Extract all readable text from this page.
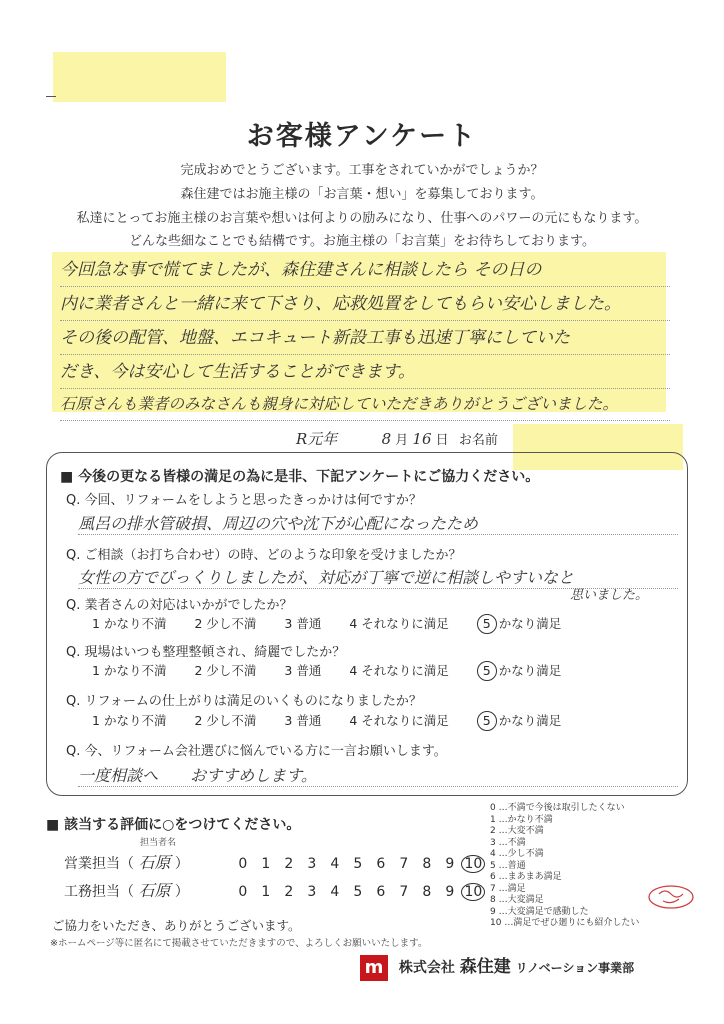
お客様アンケート
完成おめでとうございます。工事をされていかがでしょうか？
森住建ではお施主様の「お言葉・想い」を募集しております。
私達にとってお施主様のお言葉や想いは何よりの励みになり、仕事へのパワーの元にもなります。
どんな些細なことでも結構です。お施主様の「お言葉」をお待ちしております。
今回急な事で慌てましたが、森住建さんに相談したら その日の
内に業者さんと一緒に来て下さり、応救処置をしてもらい安心しました。
その後の配管、地盤、エコキュート新設工事も迅速丁寧にしていた
だき、今は安心して生活することができます。
石原さんも業者のみなさんも親身に対応していただきありがとうございました。
R元年	8 月 16 日 お名前
■ 今後の更なる皆様の満足の為に是非、下記アンケートにご協力ください。
Q. 今回、リフォームをしようと思ったきっかけは何ですか？
風呂の排水管破損、周辺の穴や沈下が心配になったため
Q. ご相談（お打ち合わせ）の時、どのような印象を受けましたか？
女性の方でびっくりしましたが、対応が丁寧で逆に相談しやすいなと
思いました。
Q. 業者さんの対応はいかがでしたか？
1 かなり不満 2 少し不満 3 普通 4 それなりに満足	5 かなり満足
Q. 現場はいつも整理整頓され、綺麗でしたか？
1 かなり不満 2 少し不満 3 普通 4 それなりに満足	5 かなり満足
Q. リフォームの仕上がりは満足のいくものになりましたか？
1 かなり不満 2 少し不満 3 普通 4 それなりに満足	5 かなり満足
Q. 今、リフォーム会社選びに悩んでいる方に一言お願いします。
一度相談へ　　おすすめします。
■ 該当する評価に○をつけてください。
担当者名
営業担当（ 石原 ）	0 1 2 3 4 5 6 7 8 9 10
工務担当（ 石原 ）	0 1 2 3 4 5 6 7 8 9 10
0 …不満で今後は取引したくない
1 …かなり不満
2 …大変不満
3 …不満
4 …少し不満
5 …普通
6 …まあまあ満足
7 …満足
8 …大変満足
9 …大変満足で感動した
10 …満足でぜひ廻りにも紹介したい
ご協力をいただき、ありがとうございます。
※ホームページ等に匿名にて掲載させていただきますので、よろしくお願いいたします。
m 株式会社 森住建 リノベーション事業部
